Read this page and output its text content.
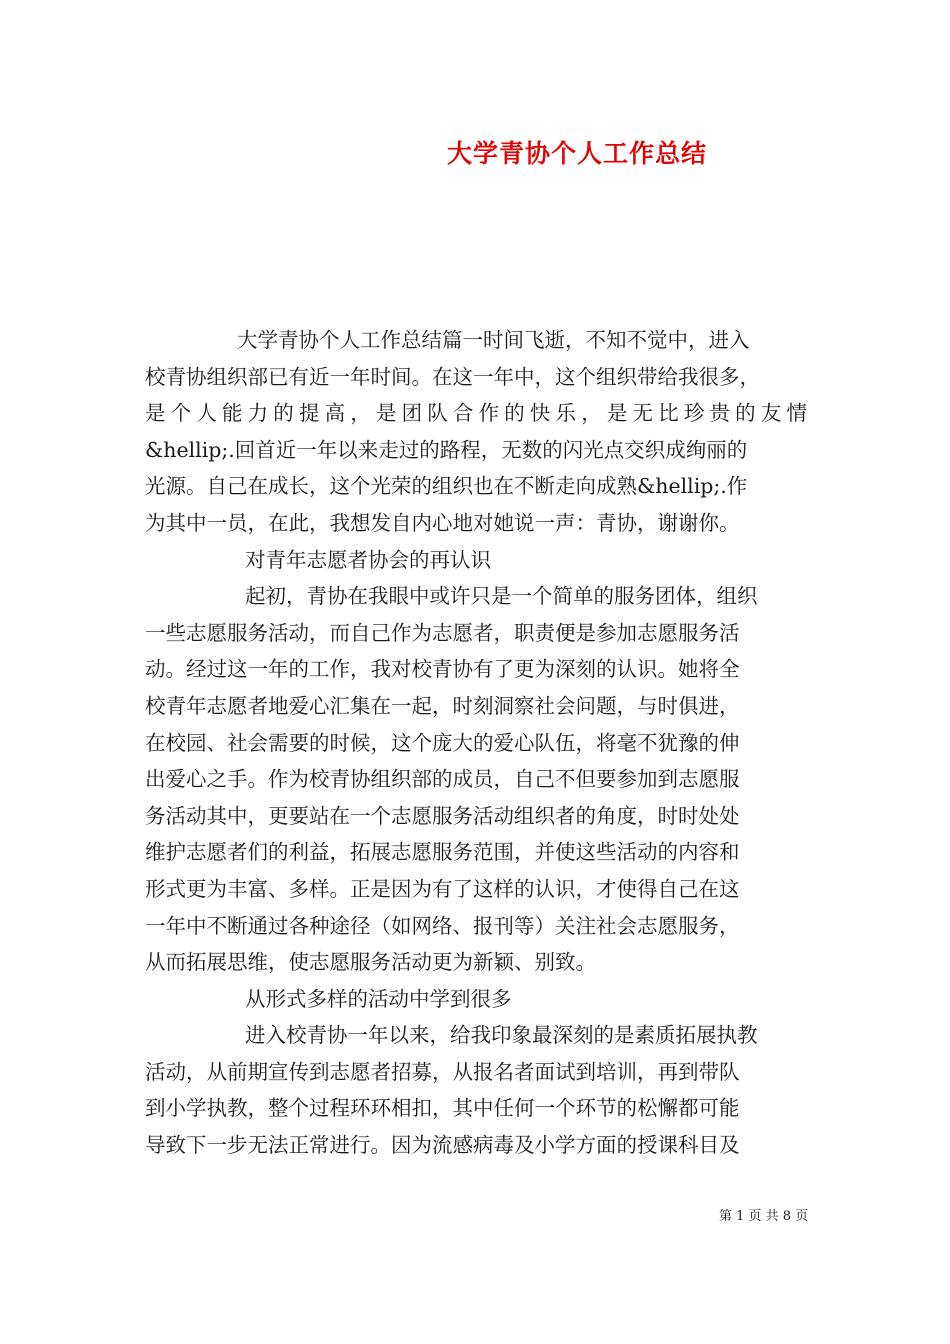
大学青协个人工作总结
大学青协个人工作总结篇一时间飞逝，不知不觉中，进入
校青协组织部已有近一年时间。在这一年中，这个组织带给我很多，
是个人能力的提高，是团队合作的快乐，是无比珍贵的友情
&hellip;.回首近一年以来走过的路程，无数的闪光点交织成绚丽的
光源。自己在成长，这个光荣的组织也在不断走向成熟&hellip;.作
为其中一员，在此，我想发自内心地对她说一声：青协，谢谢你。
对青年志愿者协会的再认识
起初，青协在我眼中或许只是一个简单的服务团体，组织
一些志愿服务活动，而自己作为志愿者，职责便是参加志愿服务活
动。经过这一年的工作，我对校青协有了更为深刻的认识。她将全
校青年志愿者地爱心汇集在一起，时刻洞察社会问题，与时俱进，
在校园、社会需要的时候，这个庞大的爱心队伍，将毫不犹豫的伸
出爱心之手。作为校青协组织部的成员，自己不但要参加到志愿服
务活动其中，更要站在一个志愿服务活动组织者的角度，时时处处
维护志愿者们的利益，拓展志愿服务范围，并使这些活动的内容和
形式更为丰富、多样。正是因为有了这样的认识，才使得自己在这
一年中不断通过各种途径（如网络、报刊等）关注社会志愿服务，
从而拓展思维，使志愿服务活动更为新颖、别致。
从形式多样的活动中学到很多
进入校青协一年以来，给我印象最深刻的是素质拓展执教
活动，从前期宣传到志愿者招募，从报名者面试到培训，再到带队
到小学执教，整个过程环环相扣，其中任何一个环节的松懈都可能
导致下一步无法正常进行。因为流感病毒及小学方面的授课科目及
第 1 页 共 8 页
